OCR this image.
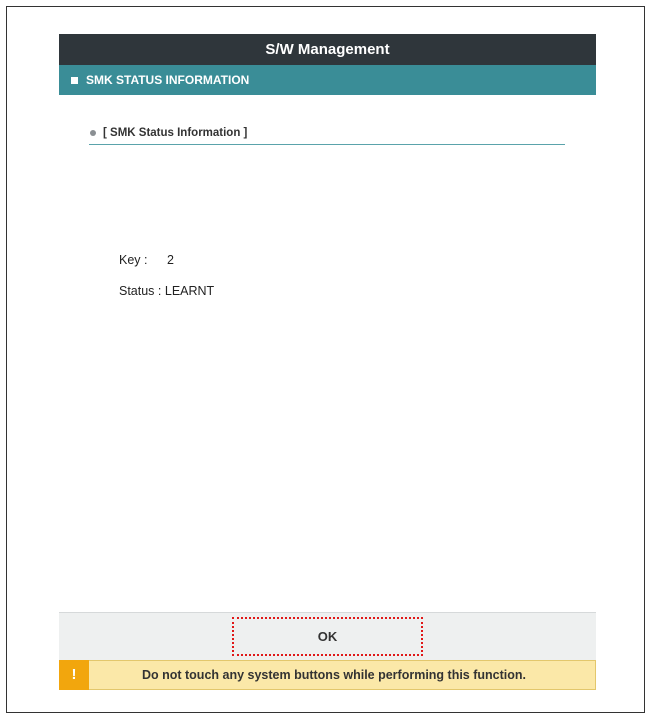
S/W Management
SMK STATUS INFORMATION
[ SMK Status Information ]
Key : 2
Status : LEARNT
OK
!	Do not touch any system buttons while performing this function.
